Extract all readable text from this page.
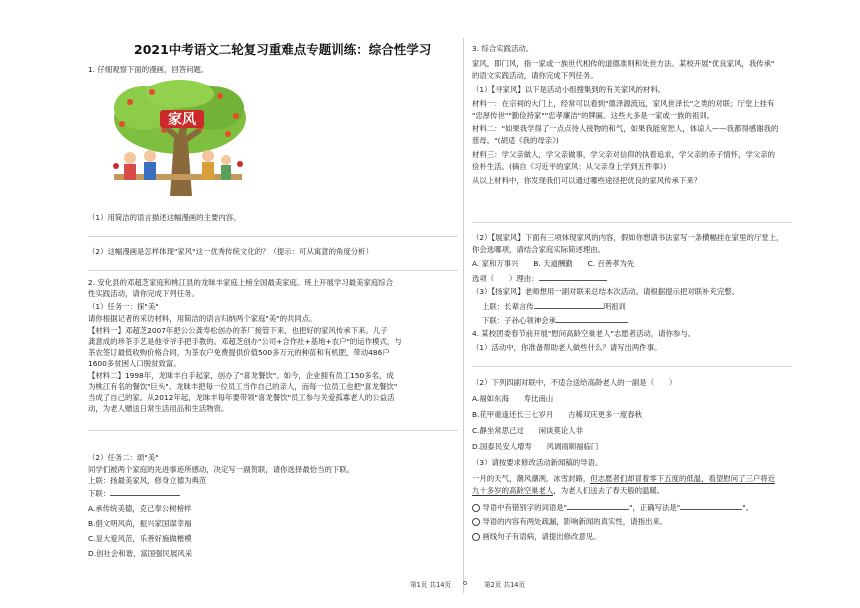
2021中考语文二轮复习重难点专题训练：综合性学习
1. 仔细观察下面的漫画，回答问题。
家风
（1）用简洁的语言描述这幅漫画的主要内容。
（2）这幅漫画是怎样体现"家风"这一优秀传统文化的？（提示：可从寓意的角度分析）
2. 安化县的邓超芝家庭和桃江县的龙昧丰家庭上榜全国最美家庭。班上开展学习最美家庭综合
性实践活动，请你完成下列任务。
（1）任务一：探"美"
请你根据记者的采访材料，用简洁的语言归纳两个家庭"美"的共同点。
【材料一】邓超芝2007年把公公龚寿松创办的茶厂接管下来，也把好的家风传承下来。儿子
龚意成的珍茶手艺是他爷爷手把手教的。邓超芝创办"公司+合作社+基地+农户"的运作模式，与
茶农签订最低收购价格合同，为茶农户免费提供价值500多万元的种苗和有机肥，带动486户
1600多贫困人口脱贫致富。
【材料二】1998年，龙昧丰白手起家，创办了"喜龙餐饮"。如今，企业拥有员工150多名，成
为桃江有名的餐饮"巨头"。龙昧丰把每一位员工当作自己的亲人，而每一位员工也把"喜龙餐饮"
当成了自己的家。从2012年起，龙昧丰每年要带领"喜龙餐饮"员工参与关爱孤寡老人的公益活
动，为老人赠送日常生活用品和生活物资。
（2）任务二：颂"美"
同学们被两个家庭的先进事迹所感动，决定写一副贺联，请你选择最恰当的下联。
上联：扬最美家风，修身立德为典范
下联：
A.承传统美德，克己奉公树榜样
B.倡文明风尚，振兴家国谋幸福
C.显大爱风范，乐善好施做楷模
D.创社会和谐，富国强民展风采
3. 综合实践活动。
家风，即门风，指一家或一族世代相传的道德准则和处世方法。某校开展"优良家风，我传承"
的语文实践活动，请你完成下列任务。
（1）【寻家风】以下是活动小组搜集到的有关家风的材料。
材料一：在宗祠的大门上，经常可以看到"德泽源流远，家风世泽长"之类的对联；厅堂上挂有
"忠厚传世""勤俭持家""忠孝廉洁"的牌匾。这些大多是一家或一族的祖训。
材料二："如果我学得了一点点待人接物的和气，如果我能宽恕人，体谅人——我都得感谢我的
慈母。"(胡适《我的母亲》)
材料三：学父亲做人，学父亲做事，学父亲对信仰的执着追求，学父亲的赤子情怀，学父亲的
俭朴生活。(摘自《习近平的家风：从父亲身上学到五件事》)
从以上材料中，你发现我们可以通过哪些途径把优良的家风传承下来？
（2）【展家风】下面有三项体现家风的内容，假如你想请书法家写一条横幅挂在家里的厅堂上，
你会选哪项，请结合家庭实际简述理由。
A. 家和万事兴　　B. 天道酬勤　　C. 百善孝为先
选项（　　）理由：
（3）【扬家风】老师想用一副对联来总结本次活动。请根据提示把对联补充完整。
上联：长辈言传	明祖训
下联：子孙心领神会承
4. 某校团委春节前开展"慰问高龄空巢老人"志愿者活动，请你参与。
（1）活动中，你准备帮助老人做些什么？请写出两件事。
（2）下列四副对联中，不适合送给高龄老人的一副是（　　）
A.福如东海　　寿比南山
B.花甲重逢还长三七岁月　　古稀双庆更多一度春秋
C.静坐常思己过　　闲谈莫论人非
D.国泰民安人增寿　　风调雨顺福临门
（3）请按要求修改活动新闻稿的导语。
一月的天气，潮风潮冽，冰雪封路，但志愿者们却冒着零下五度的低温，看望慰问了三户将近
九十多岁的高龄空巢老人，为老人们送去了春天般的温暖。
导语中有错别字的词语是"	"，正确写法是"	"。
导语的内容有两处疏漏，影响新闻的真实性，请指出来。
画线句子有语病，请提出修改意见。
第1页 共14页 o	第2页 共14页
